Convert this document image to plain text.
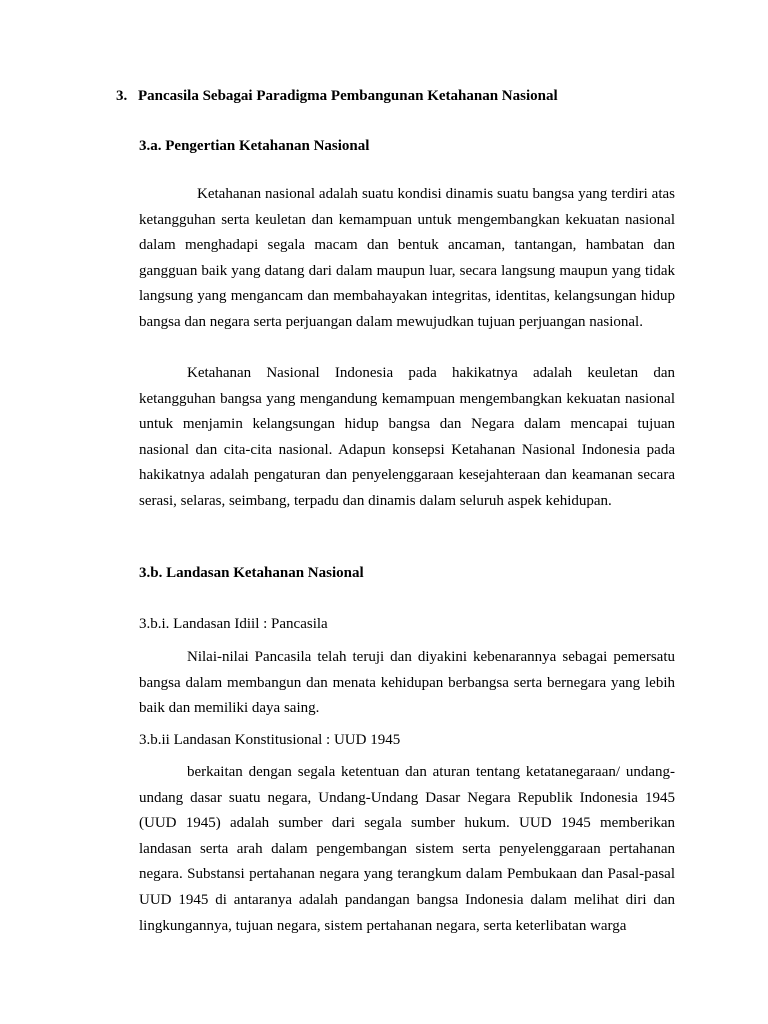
3. Pancasila Sebagai Paradigma Pembangunan Ketahanan Nasional
3.a. Pengertian Ketahanan Nasional

Ketahanan nasional adalah suatu kondisi dinamis suatu bangsa yang terdiri atas ketangguhan serta keuletan dan kemampuan untuk mengembangkan kekuatan nasional dalam menghadapi segala macam dan bentuk ancaman, tantangan, hambatan dan gangguan baik yang datang dari dalam maupun luar, secara langsung maupun yang tidak langsung yang mengancam dan membahayakan integritas, identitas, kelangsungan hidup bangsa dan negara serta perjuangan dalam mewujudkan tujuan perjuangan nasional.

Ketahanan Nasional Indonesia pada hakikatnya adalah keuletan dan ketangguhan bangsa yang mengandung kemampuan mengembangkan kekuatan nasional untuk menjamin kelangsungan hidup bangsa dan Negara dalam mencapai tujuan nasional dan cita-cita nasional. Adapun konsepsi Ketahanan Nasional Indonesia pada hakikatnya adalah pengaturan dan penyelenggaraan kesejahteraan dan keamanan secara serasi, selaras, seimbang, terpadu dan dinamis dalam seluruh aspek kehidupan.

3.b. Landasan Ketahanan Nasional
3.b.i. Landasan Idiil : Pancasila

Nilai-nilai Pancasila telah teruji dan diyakini kebenarannya sebagai pemersatu bangsa dalam membangun dan menata kehidupan berbangsa serta bernegara yang lebih baik dan memiliki daya saing.

3.b.ii Landasan Konstitusional : UUD 1945

berkaitan dengan segala ketentuan dan aturan tentang ketatanegaraan/ undang-undang dasar suatu negara, Undang-Undang Dasar Negara Republik Indonesia 1945 (UUD 1945) adalah sumber dari segala sumber hukum. UUD 1945 memberikan landasan serta arah dalam pengembangan sistem serta penyelenggaraan pertahanan negara. Substansi pertahanan negara yang terangkum dalam Pembukaan dan Pasal-pasal UUD 1945 di antaranya adalah pandangan bangsa Indonesia dalam melihat diri dan lingkungannya, tujuan negara, sistem pertahanan negara, serta keterlibatan warga
